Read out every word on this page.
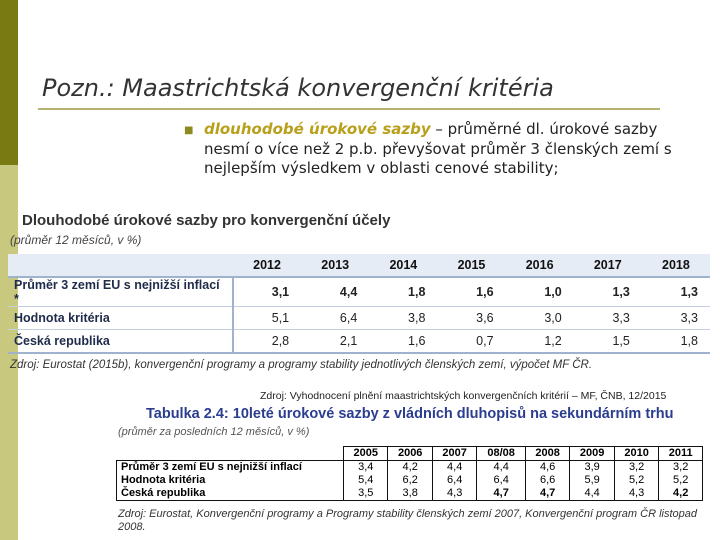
Pozn.: Maastrichtská konvergenční kritéria
■ dlouhodobé úrokové sazby – průměrné dl. úrokové sazby nesmí o více než 2 p.b. převyšovat průměr 3 členských zemí s nejlepším výsledkem v oblasti cenové stability;
Dlouhodobé úrokové sazby pro konvergenční účely
(průměr 12 měsíců, v %)
	2012	2013	2014	2015	2016	2017	2018
Průměr 3 zemí EU s nejnižší inflací *	3,1	4,4	1,8	1,6	1,0	1,3	1,3
Hodnota kritéria	5,1	6,4	3,8	3,6	3,0	3,3	3,3
Česká republika	2,8	2,1	1,6	0,7	1,2	1,5	1,8
Zdroj: Eurostat (2015b), konvergenční programy a programy stability jednotlivých členských zemí, výpočet MF ČR.
Zdroj: Vyhodnocení plnění maastrichtských konvergenčních kritérií – MF, ČNB, 12/2015
Tabulka 2.4: 10leté úrokové sazby z vládních dluhopisů na sekundárním trhu
(průměr za posledních 12 měsíců, v %)
	2005	2006	2007	08/08	2008	2009	2010	2011
Průměr 3 zemí EU s nejnižší inflací	3,4	4,2	4,4	4,4	4,6	3,9	3,2	3,2
Hodnota kritéria	5,4	6,2	6,4	6,4	6,6	5,9	5,2	5,2
Česká republika	3,5	3,8	4,3	4,7	4,7	4,4	4,3	4,2
Zdroj: Eurostat, Konvergenční programy a Programy stability členských zemí 2007, Konvergenční program ČR listopad 2008.
